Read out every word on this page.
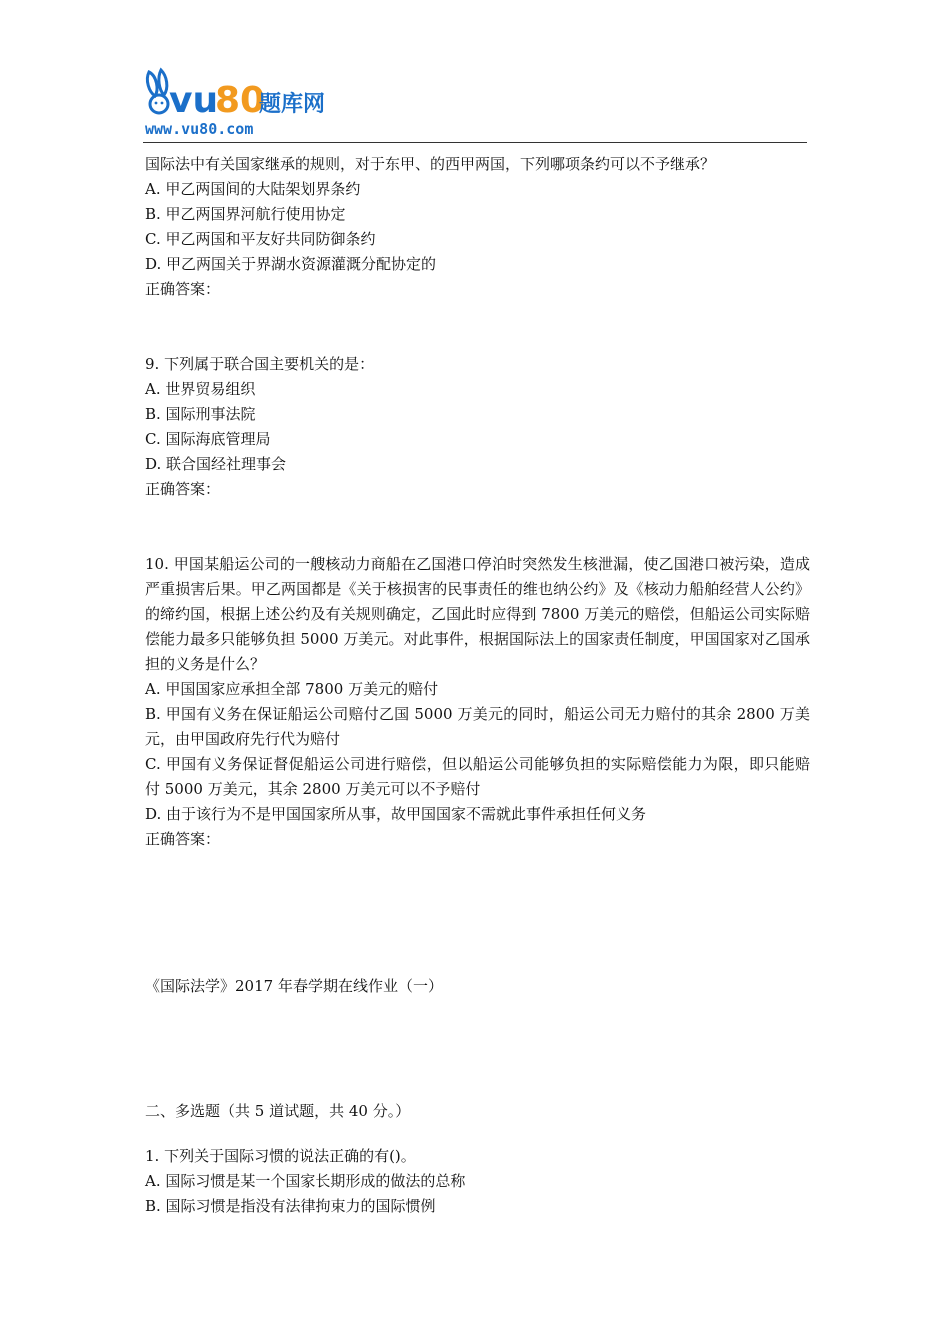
vu
80
题库网
www.vu80.com

国际法中有关国家继承的规则，对于东甲、的西甲两国，下列哪项条约可以不予继承？

A. 甲乙两国间的大陆架划界条约

B. 甲乙两国界河航行使用协定

C. 甲乙两国和平友好共同防御条约

D. 甲乙两国关于界湖水资源灌溉分配协定的

正确答案：

9. 下列属于联合国主要机关的是：

A. 世界贸易组织

B. 国际刑事法院

C. 国际海底管理局

D. 联合国经社理事会

正确答案：

10. 甲国某船运公司的一艘核动力商船在乙国港口停泊时突然发生核泄漏，使乙国港口被污染，造成严重损害后果。甲乙两国都是《关于核损害的民事责任的维也纳公约》及《核动力船舶经营人公约》的缔约国，根据上述公约及有关规则确定，乙国此时应得到 7800 万美元的赔偿，但船运公司实际赔偿能力最多只能够负担 5000 万美元。对此事件，根据国际法上的国家责任制度，甲国国家对乙国承担的义务是什么？

A. 甲国国家应承担全部 7800 万美元的赔付

B. 甲国有义务在保证船运公司赔付乙国 5000 万美元的同时，船运公司无力赔付的其余 2800 万美元，由甲国政府先行代为赔付

C. 甲国有义务保证督促船运公司进行赔偿，但以船运公司能够负担的实际赔偿能力为限，即只能赔付 5000 万美元，其余 2800 万美元可以不予赔付

D. 由于该行为不是甲国国家所从事，故甲国国家不需就此事件承担任何义务

正确答案：

《国际法学》2017 年春学期在线作业（一）

二、多选题（共 5 道试题，共 40 分。）

1. 下列关于国际习惯的说法正确的有()。

A. 国际习惯是某一个国家长期形成的做法的总称

B. 国际习惯是指没有法律拘束力的国际惯例
